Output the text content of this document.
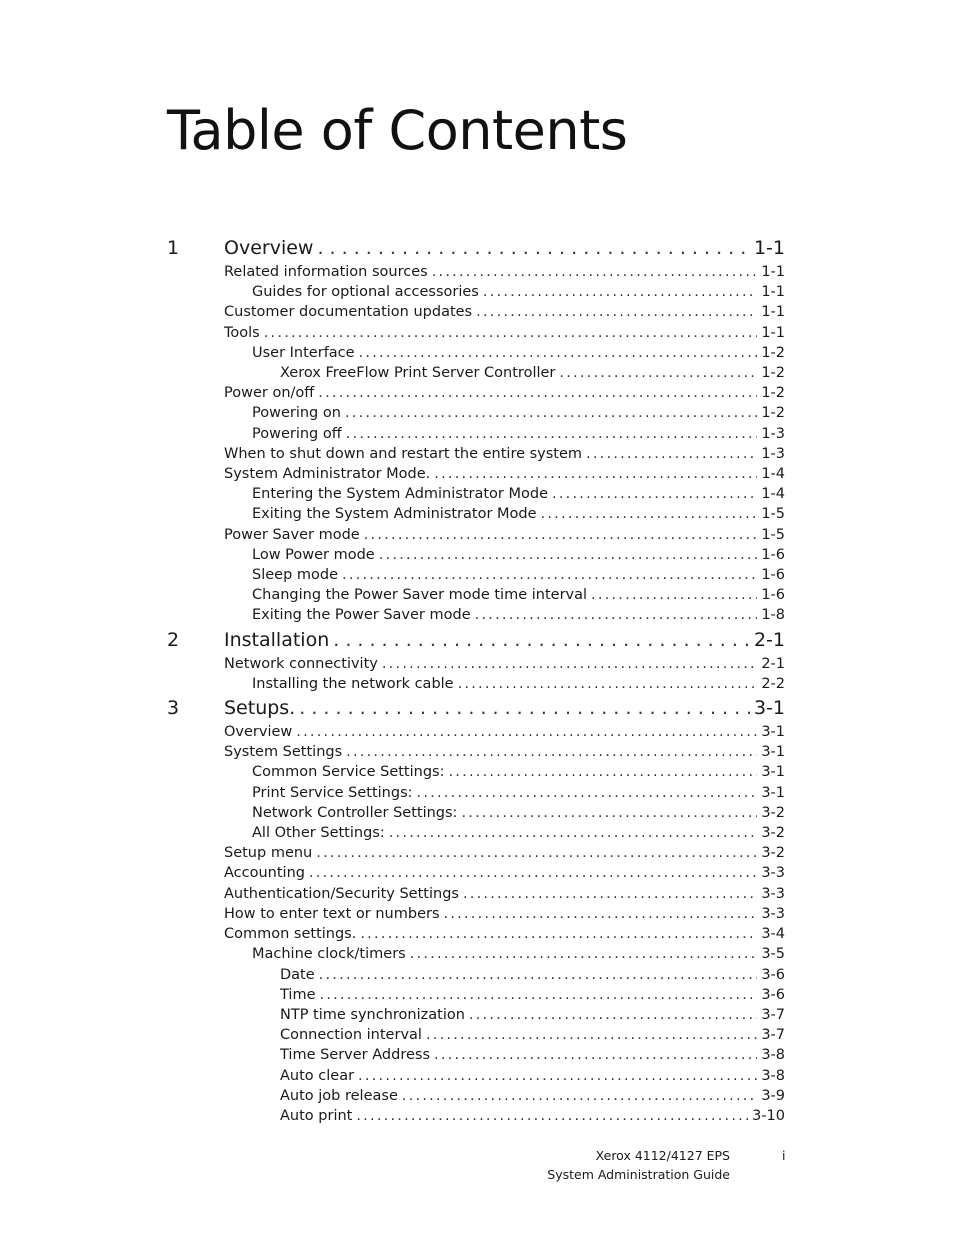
Table of Contents
1	Overview . . .	1-1
Related information sources . . .	1-1
Guides for optional accessories . . .	1-1
Customer documentation updates . . .	1-1
Tools . . .	1-1
User Interface . . .	1-2
Xerox FreeFlow Print Server Controller . . .	1-2
Power on/off . . .	1-2
Powering on . . .	1-2
Powering off . . .	1-3
When to shut down and restart the entire system . . .	1-3
System Administrator Mode. . . .	1-4
Entering the System Administrator Mode . . .	1-4
Exiting the System Administrator Mode . . .	1-5
Power Saver mode . . .	1-5
Low Power mode . . .	1-6
Sleep mode . . .	1-6
Changing the Power Saver mode time interval . . .	1-6
Exiting the Power Saver mode . . .	1-8
2	Installation . . .	2-1
Network connectivity . . .	2-1
Installing the network cable . . .	2-2
3	Setups. . . .	3-1
Overview . . .	3-1
System Settings . . .	3-1
Common Service Settings: . . .	3-1
Print Service Settings: . . .	3-1
Network Controller Settings: . . .	3-2
All Other Settings: . . .	3-2
Setup menu . . .	3-2
Accounting . . .	3-3
Authentication/Security Settings . . .	3-3
How to enter text or numbers . . .	3-3
Common settings. . . .	3-4
Machine clock/timers . . .	3-5
Date . . .	3-6
Time . . .	3-6
NTP time synchronization . . .	3-7
Connection interval . . .	3-7
Time Server Address . . .	3-8
Auto clear . . .	3-8
Auto job release . . .	3-9
Auto print . . .	3-10
Xerox 4112/4127 EPS
System Administration Guide
i
